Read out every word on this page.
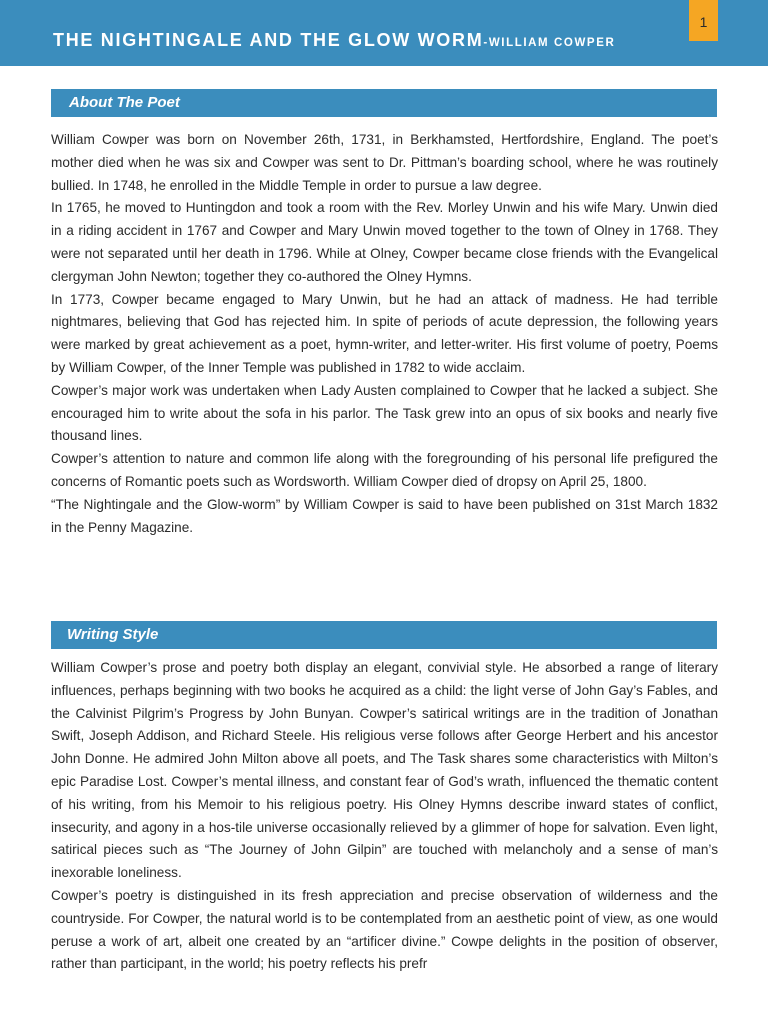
THE NIGHTINGALE AND THE GLOW WORM-WILLIAM COWPER
1
About The Poet

William Cowper was born on November 26th, 1731, in Berkhamsted, Hertfordshire, England. The poet’s mother died when he was six and Cowper was sent to Dr. Pittman’s boarding school, where he was routinely bullied. In 1748, he enrolled in the Middle Temple in order to pursue a law degree.

In 1765, he moved to Huntingdon and took a room with the Rev. Morley Unwin and his wife Mary. Unwin died in a riding accident in 1767 and Cowper and Mary Unwin moved together to the town of Olney in 1768. They were not separated until her death in 1796. While at Olney, Cowper became close friends with the Evangelical clergyman John Newton; together they co-authored the Olney Hymns.

In 1773, Cowper became engaged to Mary Unwin, but he had an attack of madness. He had terrible nightmares, believing that God has rejected him. In spite of periods of acute depression, the following years were marked by great achievement as a poet, hymn-writer, and letter-writer. His first volume of poetry, Poems by William Cowper, of the Inner Temple was published in 1782 to wide acclaim.

Cowper’s major work was undertaken when Lady Austen complained to Cowper that he lacked a subject. She encouraged him to write about the sofa in his parlor. The Task grew into an opus of six books and nearly five thousand lines.

Cowper’s attention to nature and common life along with the foregrounding of his personal life prefigured the concerns of Romantic poets such as Wordsworth. William Cowper died of dropsy on April 25, 1800.

“The Nightingale and the Glow-worm” by William Cowper is said to have been published on 31st March 1832 in the Penny Magazine.

Writing Style

William Cowper’s prose and poetry both display an elegant, convivial style. He absorbed a range of literary influences, perhaps beginning with two books he acquired as a child: the light verse of John Gay’s Fables, and the Calvinist Pilgrim’s Progress by John Bunyan. Cowper’s satirical writings are in the tradition of Jonathan Swift, Joseph Addison, and Richard Steele. His religious verse follows after George Herbert and his ancestor John Donne. He admired John Milton above all poets, and The Task shares some characteristics with Milton’s epic Paradise Lost. Cowper’s mental illness, and constant fear of God’s wrath, influenced the thematic content of his writing, from his Memoir to his religious poetry. His Olney Hymns describe inward states of conflict, insecurity, and agony in a hos-tile universe occasionally relieved by a glimmer of hope for salvation. Even light, satirical pieces such as “The Journey of John Gilpin” are touched with melancholy and a sense of man’s inexorable loneliness.

Cowper’s poetry is distinguished in its fresh appreciation and precise observation of wilderness and the countryside. For Cowper, the natural world is to be contemplated from an aesthetic point of view, as one would peruse a work of art, albeit one created by an “artificer divine.” Cowpe delights in the position of observer, rather than participant, in the world; his poetry reflects his prefr
